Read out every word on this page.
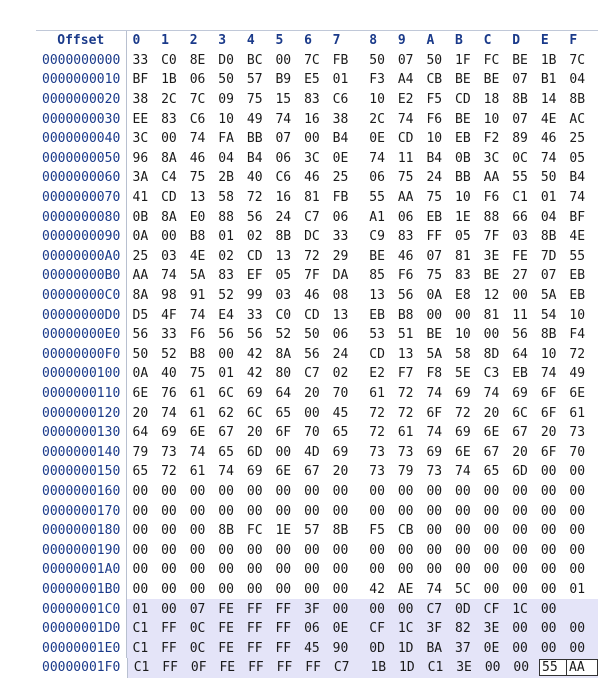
Offset	0	1	2	3	4	5	6	7	8	9	A	B	C	D	E	F
0000000000 33 C0 8E D0 BC 00 7C FB	50 07 50 1F FC BE 1B 7C
0000000010 BF 1B 06 50 57 B9 E5 01	F3 A4 CB BE BE 07 B1 04
0000000020 38 2C 7C 09 75 15 83 C6	10 E2 F5 CD 18 8B 14 8B
0000000030 EE 83 C6 10 49 74 16 38	2C 74 F6 BE 10 07 4E AC
0000000040 3C 00 74 FA BB 07 00 B4	0E CD 10 EB F2 89 46 25
0000000050 96 8A 46 04 B4 06 3C 0E	74 11 B4 0B 3C 0C 74 05
0000000060 3A C4 75 2B 40 C6 46 25	06 75 24 BB AA 55 50 B4
0000000070 41 CD 13 58 72 16 81 FB	55 AA 75 10 F6 C1 01 74
0000000080 0B 8A E0 88 56 24 C7 06	A1 06 EB 1E 88 66 04 BF
0000000090 0A 00 B8 01 02 8B DC 33	C9 83 FF 05 7F 03 8B 4E
00000000A0 25 03 4E 02 CD 13 72 29	BE 46 07 81 3E FE 7D 55
00000000B0 AA 74 5A 83 EF 05 7F DA	85 F6 75 83 BE 27 07 EB
00000000C0 8A 98 91 52 99 03 46 08	13 56 0A E8 12 00 5A EB
00000000D0 D5 4F 74 E4 33 C0 CD 13	EB B8 00 00 81 11 54 10
00000000E0 56 33 F6 56 56 52 50 06	53 51 BE 10 00 56 8B F4
00000000F0 50 52 B8 00 42 8A 56 24	CD 13 5A 58 8D 64 10 72
0000000100 0A 40 75 01 42 80 C7 02	E2 F7 F8 5E C3 EB 74 49
0000000110 6E 76 61 6C 69 64 20 70	61 72 74 69 74 69 6F 6E
0000000120 20 74 61 62 6C 65 00 45	72 72 6F 72 20 6C 6F 61
0000000130 64 69 6E 67 20 6F 70 65	72 61 74 69 6E 67 20 73
0000000140 79 73 74 65 6D 00 4D 69	73 73 69 6E 67 20 6F 70
0000000150 65 72 61 74 69 6E 67 20	73 79 73 74 65 6D 00 00
0000000160 00 00 00 00 00 00 00 00	00 00 00 00 00 00 00 00
0000000170 00 00 00 00 00 00 00 00	00 00 00 00 00 00 00 00
0000000180 00 00 00 8B FC 1E 57 8B	F5 CB 00 00 00 00 00 00
0000000190 00 00 00 00 00 00 00 00	00 00 00 00 00 00 00 00
00000001A0 00 00 00 00 00 00 00 00	00 00 00 00 00 00 00 00
00000001B0 00 00 00 00 00 00 00 00	42 AE 74 5C 00 00 00 01
00000001C0 01 00 07 FE FF FF 3F 00	00 00 C7 0D CF 1C 00
00000001D0 C1 FF 0C FE FF FF 06 0E	CF 1C 3F 82 3E 00 00 00
00000001E0 C1 FF 0C FE FF FF 45 90	0D 1D BA 37 0E 00 00 00
00000001F0	C1 FF 0F FE FF FF FF C7	1B 1D C1 3E 00 00 55 AA
